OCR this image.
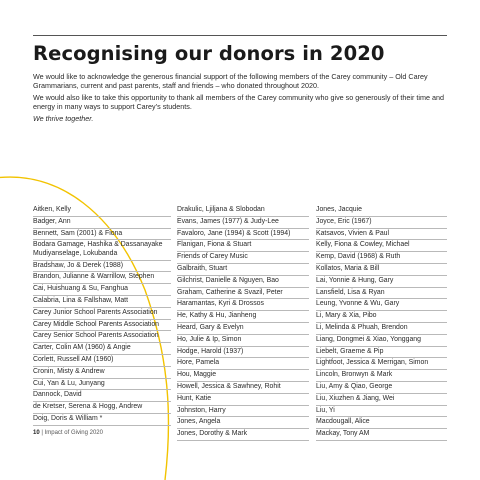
Recognising our donors in 2020

We would like to acknowledge the generous financial support of the following members of the Carey community – Old Carey Grammarians, current and past parents, staff and friends – who donated throughout 2020.

We would also like to take this opportunity to thank all members of the Carey community who give so generously of their time and energy in many ways to support Carey’s students.

We thrive together.

Aitken, Kelly
Badger, Ann
Bennett, Sam (2001) & Fiona
Bodara Gamage, Hashika & Dassanayake Mudiyanselage, Lokubanda
Bradshaw, Jo & Derek (1988)
Brandon, Julianne & Warrillow, Stephen
Cai, Huishuang & Su, Fanghua
Calabria, Lina & Fallshaw, Matt
Carey Junior School Parents Association
Carey Middle School Parents Association
Carey Senior School Parents Association
Carter, Colin AM (1960) & Angie
Corlett, Russell AM (1960)
Cronin, Misty & Andrew
Cui, Yan & Lu, Junyang
Dannock, David
de Kretser, Serena & Hogg, Andrew
Doig, Doris & William *
Drakulic, Ljiljana & Slobodan
Evans, James (1977) & Judy-Lee
Favaloro, Jane (1994) & Scott (1994)
Flanigan, Fiona & Stuart
Friends of Carey Music
Galbraith, Stuart
Gilchrist, Danielle & Nguyen, Bao
Graham, Catherine & Svazil, Peter
Haramantas, Kyri & Drossos
He, Kathy & Hu, Jianheng
Heard, Gary & Evelyn
Ho, Julie & Ip, Simon
Hodge, Harold (1937)
Hore, Pamela
Hou, Maggie
Howell, Jessica & Sawhney, Rohit
Hunt, Katie
Johnston, Harry
Jones, Angela
Jones, Dorothy & Mark
Jones, Jacquie
Joyce, Eric (1967)
Katsavos, Vivien & Paul
Kelly, Fiona & Cowley, Michael
Kemp, David (1968) & Ruth
Kollatos, Maria & Bill
Lai, Yonnie & Hung, Gary
Lansfield, Lisa & Ryan
Leung, Yvonne & Wu, Gary
Li, Mary & Xia, Pibo
Li, Melinda & Phuah, Brendon
Liang, Dongmei & Xiao, Yonggang
Liebelt, Graeme & Pip
Lightfoot, Jessica & Merrigan, Simon
Lincoln, Bronwyn & Mark
Liu, Amy & Qiao, George
Liu, Xiuzhen & Jiang, Wei
Liu, Yi
Macdougall, Alice
Mackay, Tony AM
10 | Impact of Giving 2020
